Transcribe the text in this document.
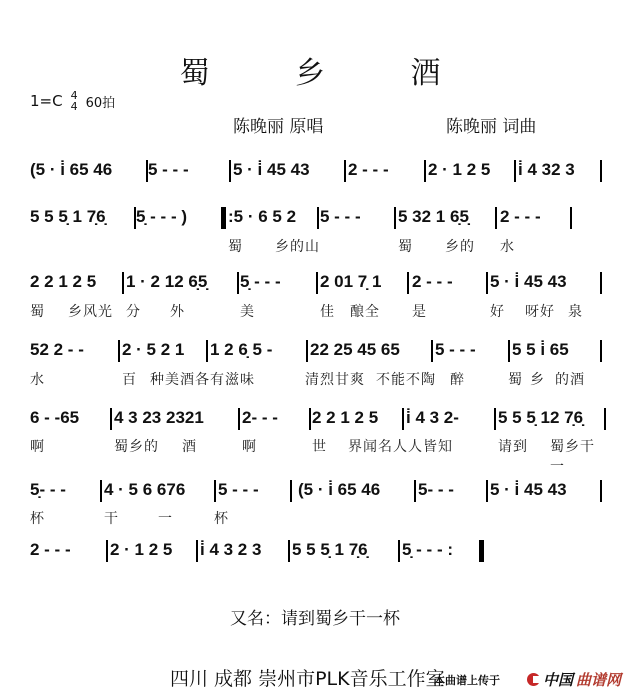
蜀 乡 酒
1=C 4
4 60拍
陈晚丽 原唱	陈晚丽 词曲
(5 · i̇ 65 46 5 - - -	5 · i̇ 45 43 2 - - - 2 · 1 2 5 i̇ 4 32 3
5 5 5̣ 1 7̣6̣ 5̣ - - - ) :5 · 6 5 2 5 - - - 5 32 1 6̣5̣ 2 - - -
蜀 乡的山	蜀 乡的 水
2 2 1 2 5 1 · 2 12 6̣5̣ 5̣ - - - 2 01 7̣ 1 2 - - - 5 · i̇ 45 43
蜀 乡风光 分 外	美	佳 酿全 是	好 呀好 泉
52 2 - - 2 · 5 2 1 1 2 6̣ 5 - 22 25 45 65 5 - - - 5 5 i̇ 65
水	百 种美酒各有滋味	清烈甘爽 不能不陶 醉	蜀 乡 的酒
6 - -65 4 3 23 2321 2- - - 2 2 1 2 5 i̇ 4 3 2- 5 5 5̣ 12 7̣6̣
啊	蜀乡的 酒	啊	世 界闻名人人皆知	请到 蜀乡干一
5̣- - - 4 · 5 6 676 5 - - - (5 · i̇ 65 46 5- - - 5 · i̇ 45 43
杯	干	一	杯
2 - - - 2 · 1 2 5 i̇ 4 3 2 3 5 5 5̣ 1 7̣6̣ 5̣ - - - :
又名：请到蜀乡干一杯
四川 成都 崇州市PLK音乐工作室
本曲谱上传于	中国 曲谱网
